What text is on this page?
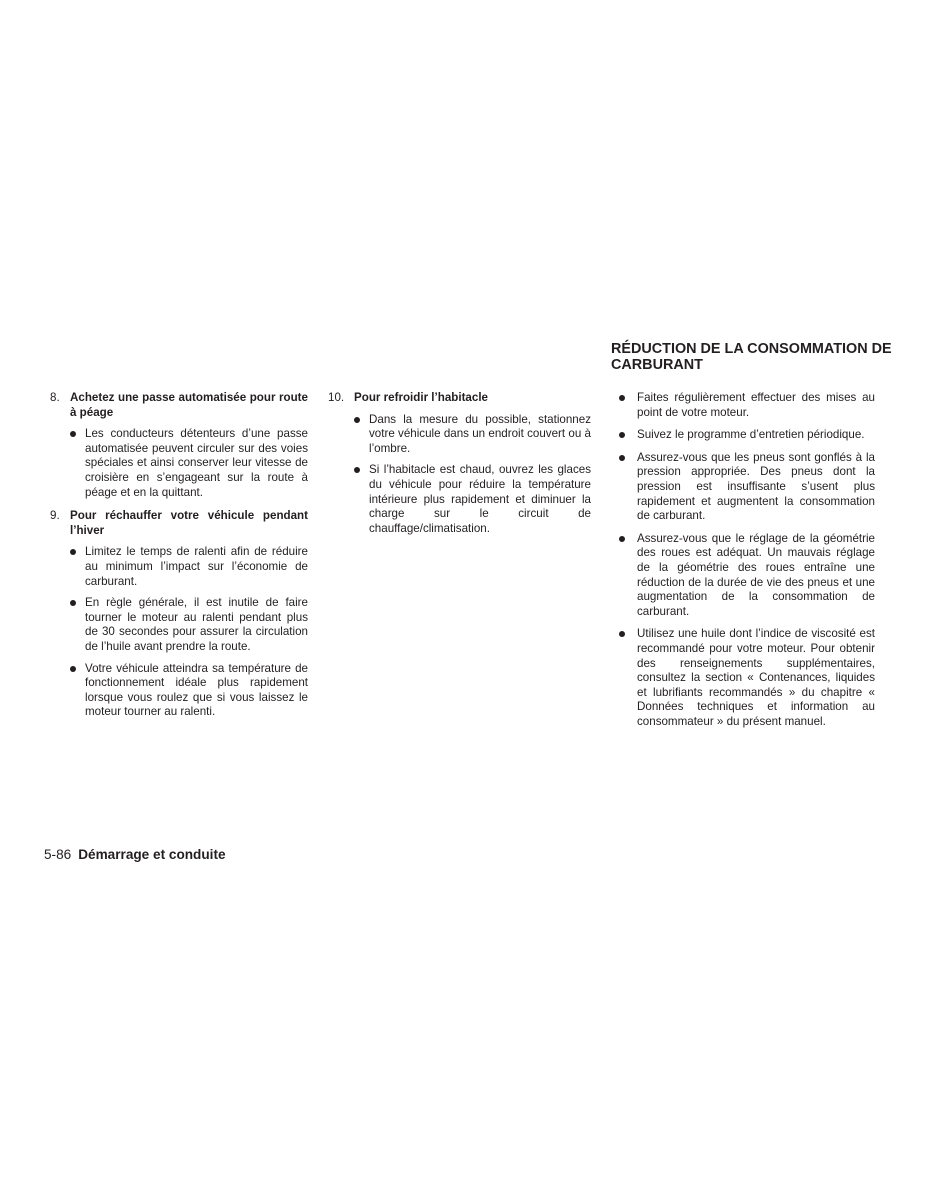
RÉDUCTION DE LA CONSOMMATION DE CARBURANT
8. Achetez une passe automatisée pour route à péage
Les conducteurs détenteurs d’une passe automatisée peuvent circuler sur des voies spéciales et ainsi conserver leur vitesse de croisière en s’engageant sur la route à péage et en la quittant.
9. Pour réchauffer votre véhicule pendant l’hiver
Limitez le temps de ralenti afin de réduire au minimum l’impact sur l’économie de carburant.
En règle générale, il est inutile de faire tourner le moteur au ralenti pendant plus de 30 secondes pour assurer la circulation de l’huile avant prendre la route.
Votre véhicule atteindra sa température de fonctionnement idéale plus rapidement lorsque vous roulez que si vous laissez le moteur tourner au ralenti.
10. Pour refroidir l’habitacle
Dans la mesure du possible, stationnez votre véhicule dans un endroit couvert ou à l’ombre.
Si l’habitacle est chaud, ouvrez les glaces du véhicule pour réduire la température intérieure plus rapidement et diminuer la charge sur le circuit de chauffage/climatisation.
Faites régulièrement effectuer des mises au point de votre moteur.
Suivez le programme d’entretien périodique.
Assurez-vous que les pneus sont gonflés à la pression appropriée. Des pneus dont la pression est insuffisante s’usent plus rapidement et augmentent la consommation de carburant.
Assurez-vous que le réglage de la géométrie des roues est adéquat. Un mauvais réglage de la géométrie des roues entraîne une réduction de la durée de vie des pneus et une augmentation de la consommation de carburant.
Utilisez une huile dont l’indice de viscosité est recommandé pour votre moteur. Pour obtenir des renseignements supplémentaires, consultez la section « Contenances, liquides et lubrifiants recommandés » du chapitre « Données techniques et information au consommateur » du présent manuel.
5-86 Démarrage et conduite
